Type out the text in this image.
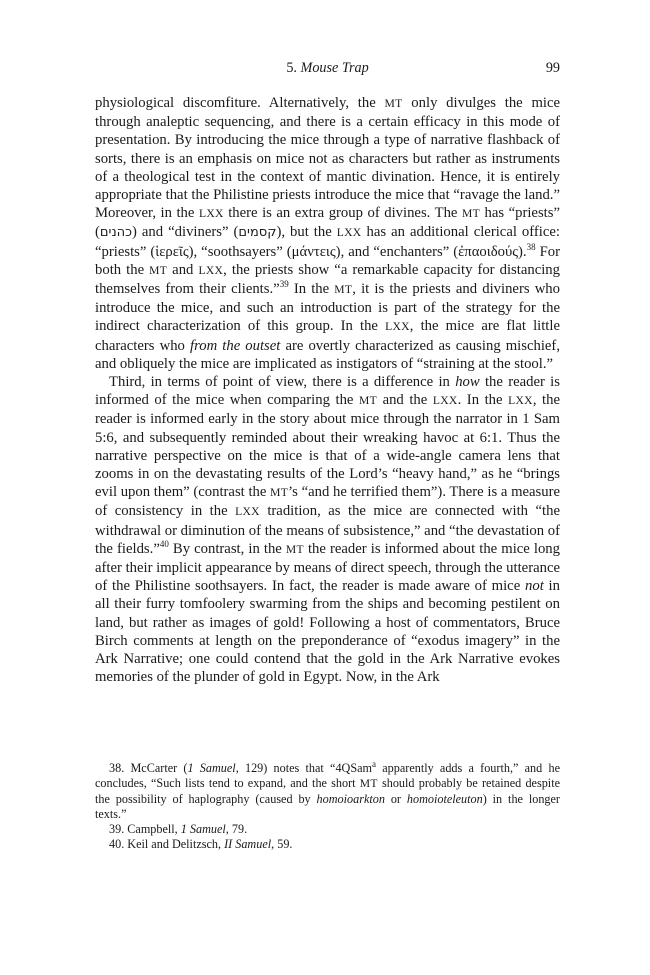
5. Mouse Trap	99

physiological discomfiture. Alternatively, the MT only divulges the mice through analeptic sequencing, and there is a certain efficacy in this mode of presentation. By introducing the mice through a type of narrative flashback of sorts, there is an emphasis on mice not as characters but rather as instruments of a theological test in the context of mantic divination. Hence, it is entirely appropriate that the Philistine priests introduce the mice that “ravage the land.” Moreover, in the LXX there is an extra group of divines. The MT has “priests” (כהנים) and “diviners” (קסמים), but the LXX has an additional clerical office: “priests” (ἱερεῖς), “soothsayers” (μάντεις), and “enchanters” (ἐπαοιδούς).$^{38}$ For both the MT and LXX, the priests show “a remarkable capacity for distancing themselves from their clients.”$^{39}$ In the MT, it is the priests and diviners who introduce the mice, and such an introduction is part of the strategy for the indirect characterization of this group. In the LXX, the mice are flat little characters who from the outset are overtly characterized as causing mischief, and obliquely the mice are implicated as instigators of “straining at the stool.”

Third, in terms of point of view, there is a difference in how the reader is informed of the mice when comparing the MT and the LXX. In the LXX, the reader is informed early in the story about mice through the narrator in 1 Sam 5:6, and subsequently reminded about their wreaking havoc at 6:1. Thus the narrative perspective on the mice is that of a wide-angle camera lens that zooms in on the devastating results of the Lord’s “heavy hand,” as he “brings evil upon them” (contrast the MT’s “and he terrified them”). There is a measure of consistency in the LXX tradition, as the mice are connected with “the withdrawal or diminution of the means of subsistence,” and “the devastation of the fields.”$^{40}$ By contrast, in the MT the reader is informed about the mice long after their implicit appearance by means of direct speech, through the utterance of the Philistine soothsayers. In fact, the reader is made aware of mice not in all their furry tomfoolery swarming from the ships and becoming pestilent on land, but rather as images of gold! Following a host of commentators, Bruce Birch comments at length on the preponderance of “exodus imagery” in the Ark Narrative; one could contend that the gold in the Ark Narrative evokes memories of the plunder of gold in Egypt. Now, in the Ark

38. McCarter (1 Samuel, 129) notes that “4QSam$^a$ apparently adds a fourth,” and he concludes, “Such lists tend to expand, and the short MT should probably be retained despite the possibility of haplography (caused by homoioarkton or homoioteleuton) in the longer texts.”

39. Campbell, 1 Samuel, 79.

40. Keil and Delitzsch, II Samuel, 59.
